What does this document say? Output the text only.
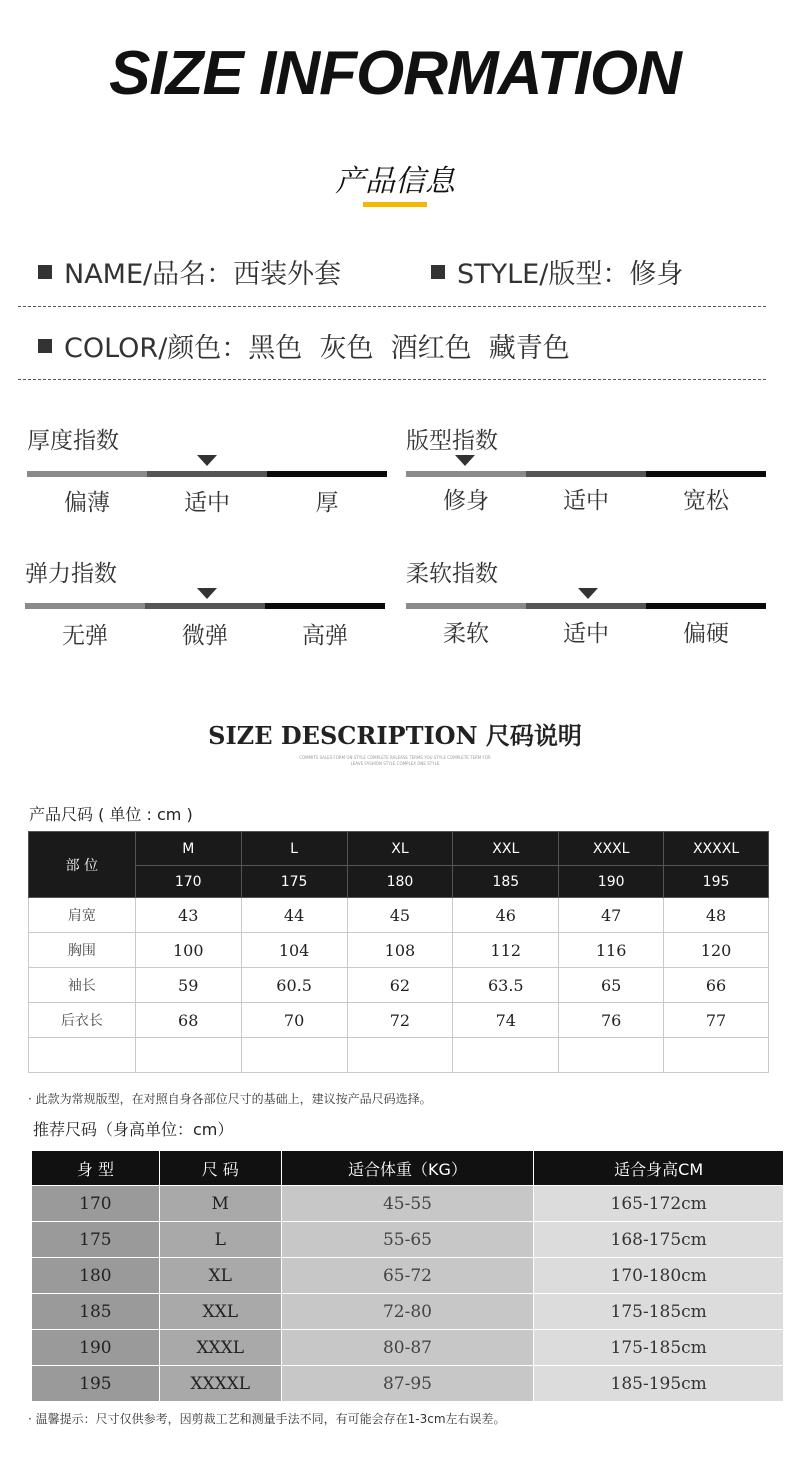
SIZE INFORMATION
产品信息
NAME/品名：西装外套	STYLE/版型：修身
COLOR/颜色：黑色  灰色  酒红色  藏青色
厚度指数
偏薄	适中	厚
版型指数
修身	适中	宽松
弹力指数
无弹	微弹	高弹
柔软指数
柔软	适中	偏硬
SIZE DESCRIPTION 尺码说明
COMMITS SALES FORM ON STYLE COMPLETE RALEASE TERMS YOU STYLE COMPLETE TERM FOR
LEAVE FASHION STYLE COMPLEX ONE STYLE
产品尺码 ( 单位 : cm )
部 位	M	L	XL	XXL	XXXL	XXXXL
	170	175	180	185	190	195
肩宽	43	44	45	46	47	48
胸围	100	104	108	112	116	120
袖长	59	60.5	62	63.5	65	66
后衣长	68	70	72	74	76	77

· 此款为常规版型，在对照自身各部位尺寸的基础上，建议按产品尺码选择。
推荐尺码（身高单位：cm）
身 型	尺 码	适合体重（KG）	适合身高CM
170	M	45-55	165-172cm
175	L	55-65	168-175cm
180	XL	65-72	170-180cm
185	XXL	72-80	175-185cm
190	XXXL	80-87	175-185cm
195	XXXXL	87-95	185-195cm
· 温馨提示：尺寸仅供参考，因剪裁工艺和测量手法不同，有可能会存在1-3cm左右误差。
